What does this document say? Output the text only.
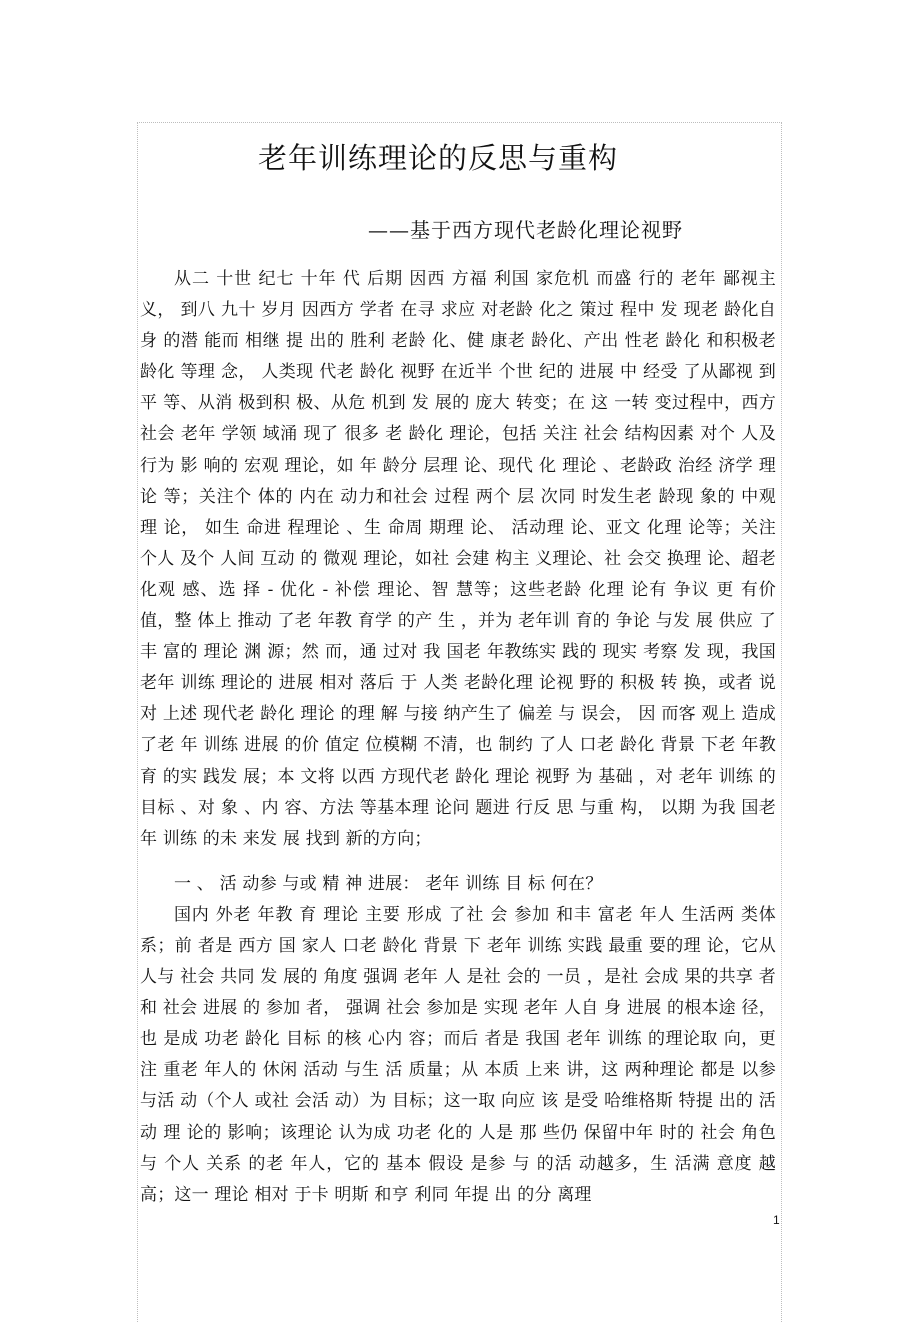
老年训练理论的反思与重构
——基于西方现代老龄化理论视野

从二 十世 纪七 十年 代 后期 因西 方福 利国 家危机 而盛 行的 老年 鄙视主义， 到八 九十 岁月 因西方 学者 在寻 求应 对老龄 化之 策过 程中 发 现老 龄化自身 的潜 能而 相继 提 出的 胜利 老龄 化、健 康老 龄化、产出 性老 龄化 和积极老 龄化 等理 念， 人类现 代老 龄化 视野 在近半 个世 纪的 进展 中 经受 了从鄙视 到平 等、从消 极到积 极、从危 机到 发 展的 庞大 转变；在 这 一转 变过程中，西方 社会 老年 学领 域涌 现了 很多 老 龄化 理论，包括 关注 社会 结构因素 对个 人及 行为 影 响的 宏观 理论，如 年 龄分 层理 论、现代 化 理论 、老龄政 治经 济学 理论 等；关注个 体的 内在 动力和社会 过程 两个 层 次同 时发生老 龄现 象的 中观 理 论， 如生 命进 程理论 、生 命周 期理 论、 活动理 论、亚文 化理 论等；关注 个人 及个 人间 互动 的 微观 理论，如社 会建 构主 义理论、社 会交 换理 论、超老 化观 感、选 择 - 优化 - 补偿 理论、智 慧等；这些老龄 化理 论有 争议 更 有价 值，整 体上 推动 了老 年教 育学 的产 生 ，并为 老年训 育的 争论 与发 展 供应 了丰 富的 理论 渊 源；然 而，通 过对 我 国老 年教练实 践的 现实 考察 发 现，我国 老年 训练 理论的 进展 相对 落后 于 人类 老龄化理 论视 野的 积极 转 换，或者 说对 上述 现代老 龄化 理论 的理 解 与接 纳产生了 偏差 与 误会， 因 而客 观上 造成 了老 年 训练 进展 的价 值定 位模糊 不清，也 制约 了人 口老 龄化 背景 下老 年教 育 的实 践发 展；本 文将 以西 方现代老 龄化 理论 视野 为 基础 ，对 老年 训练 的 目标 、对 象 、内 容、方法 等基本理 论问 题进 行反 思 与重 构， 以期 为我 国老年 训练 的未 来发 展 找到 新的方向；

一 、 活 动参 与或 精 神 进展： 老年 训练 目 标 何在？

国内 外老 年教 育 理论 主要 形成 了社 会 参加 和丰 富老 年人 生活两 类体系；前 者是 西方 国 家人 口老 龄化 背景 下 老年 训练 实践 最重 要的理 论，它从 人与 社会 共同 发 展的 角度 强调 老年 人 是社 会的 一员 ，是社 会成 果的共享 者和 社会 进展 的 参加 者， 强调 社会 参加是 实现 老年 人自 身 进展 的根本途 径，也 是成 功老 龄化 目标 的核 心内 容；而后 者是 我国 老年 训练 的理论取 向，更注 重老 年人的 休闲 活动 与生 活 质量；从 本质 上来 讲，这 两种理论 都是 以参 与活 动（个人 或社 会活 动）为 目标；这一取 向应 该 是受 哈维格斯 特提 出的 活动 理 论的 影响；该理论 认为成 功老 化的 人是 那 些仍 保留中年 时的 社会 角色 与 个人 关系 的老 年人，它的 基本 假设 是参 与 的活 动越多，生 活满 意度 越高；这一 理论 相对 于卡 明斯 和亨 利同 年提 出 的分 离理

1
